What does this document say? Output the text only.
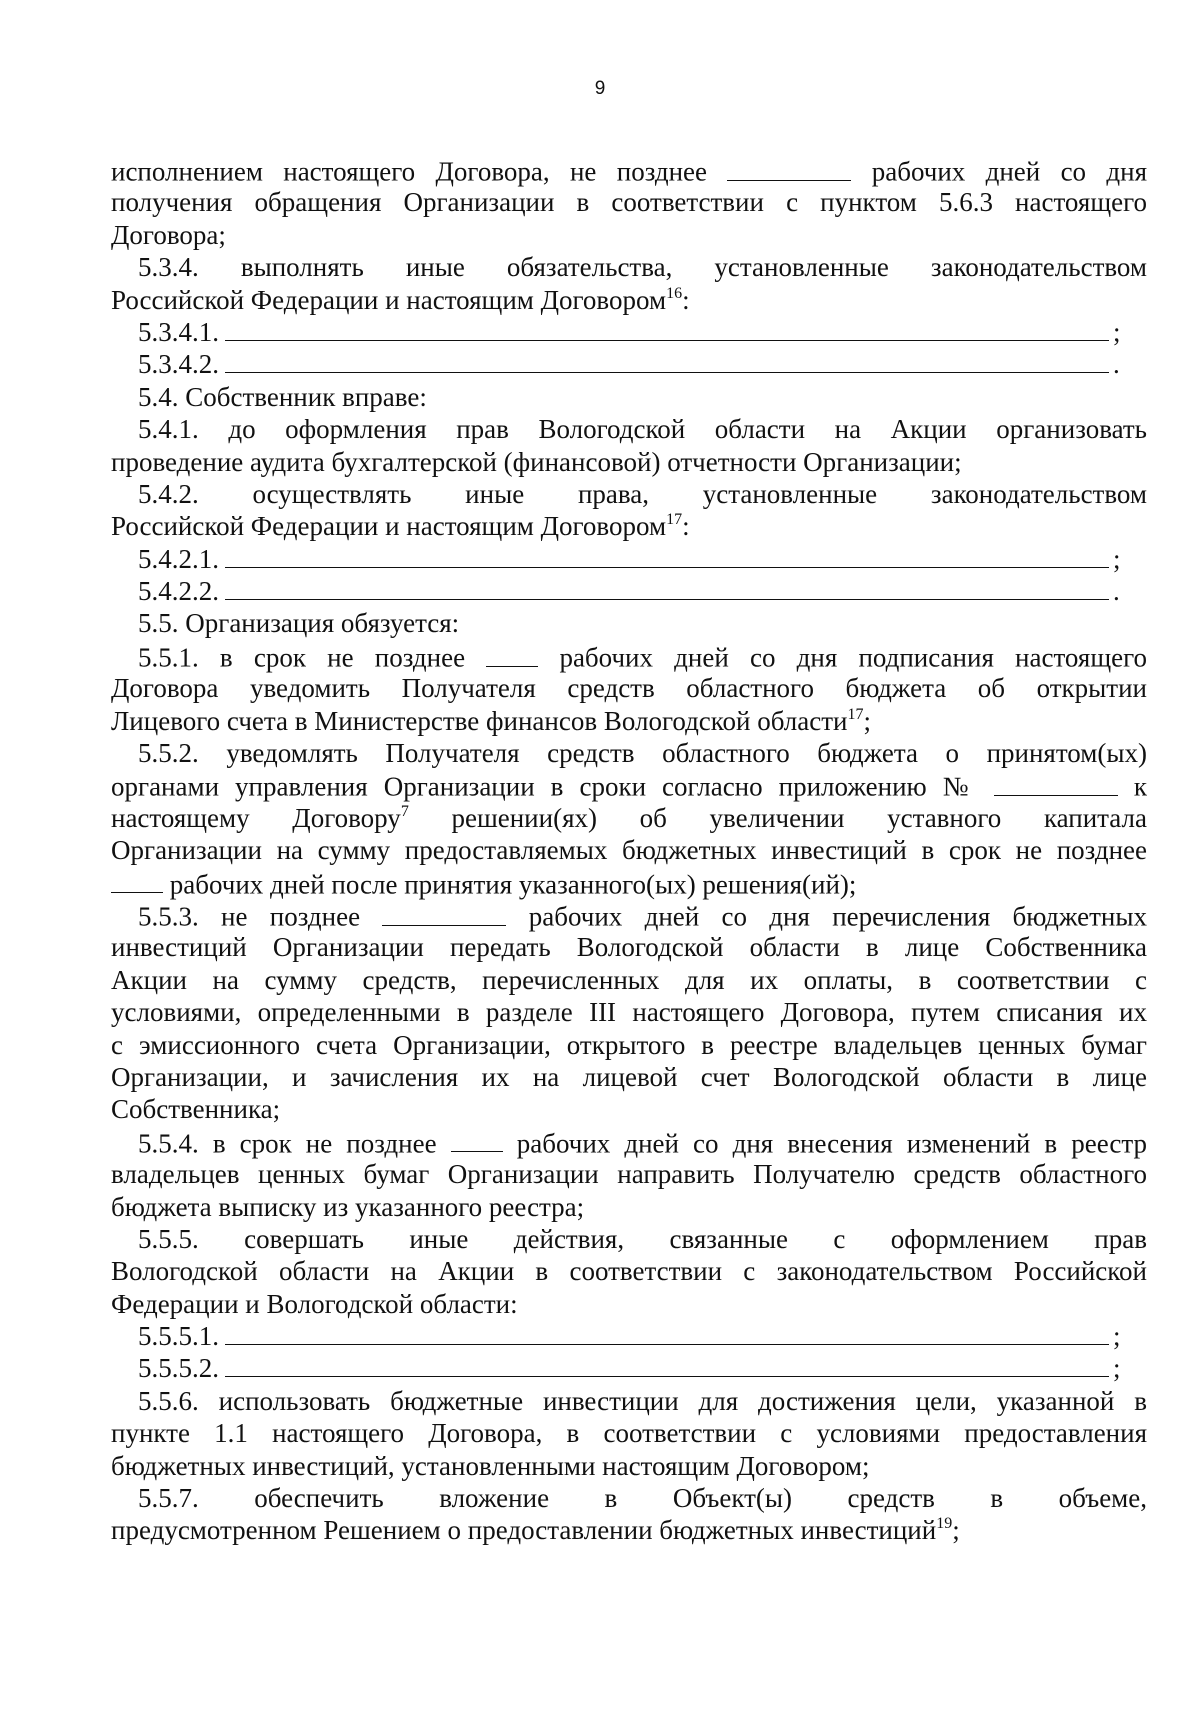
9
исполнением настоящего Договора, не позднее	рабочих дней со дня
получения обращения Организации в соответствии с пунктом 5.6.3 настоящего
Договора;
5.3.4. выполнять иные обязательства, установленные законодательством
Российской Федерации и настоящим Договором$^{16}$:
5.3.4.1.	;
5.3.4.2.	.
5.4. Собственник вправе:
5.4.1. до оформления прав Вологодской области на Акции организовать
проведение аудита бухгалтерской (финансовой) отчетности Организации;
5.4.2. осуществлять иные права, установленные законодательством
Российской Федерации и настоящим Договором$^{17}$:
5.4.2.1.	;
5.4.2.2.	.
5.5. Организация обязуется:
5.5.1. в срок не позднее	рабочих дней со дня подписания настоящего
Договора уведомить Получателя средств областного бюджета об открытии
Лицевого счета в Министерстве финансов Вологодской области$^{17}$;
5.5.2. уведомлять Получателя средств областного бюджета о принятом(ых)
органами управления Организации в сроки согласно приложению №	к
настоящему Договору$^7$ решении(ях) об увеличении уставного капитала
Организации на сумму предоставляемых бюджетных инвестиций в срок не позднее
рабочих дней после принятия указанного(ых) решения(ий);
5.5.3. не позднее	рабочих дней со дня перечисления бюджетных
инвестиций Организации передать Вологодской области в лице Собственника
Акции на сумму средств, перечисленных для их оплаты, в соответствии с
условиями, определенными в разделе III настоящего Договора, путем списания их
с эмиссионного счета Организации, открытого в реестре владельцев ценных бумаг
Организации, и зачисления их на лицевой счет Вологодской области в лице
Собственника;
5.5.4. в срок не позднее	рабочих дней со дня внесения изменений в реестр
владельцев ценных бумаг Организации направить Получателю средств областного
бюджета выписку из указанного реестра;
5.5.5. совершать иные действия, связанные с оформлением прав
Вологодской области на Акции в соответствии с законодательством Российской
Федерации и Вологодской области:
5.5.5.1.	;
5.5.5.2.	;
5.5.6. использовать бюджетные инвестиции для достижения цели, указанной в
пункте 1.1 настоящего Договора, в соответствии с условиями предоставления
бюджетных инвестиций, установленными настоящим Договором;
5.5.7. обеспечить вложение в Объект(ы) средств в объеме,
предусмотренном Решением о предоставлении бюджетных инвестиций$^{19}$;
